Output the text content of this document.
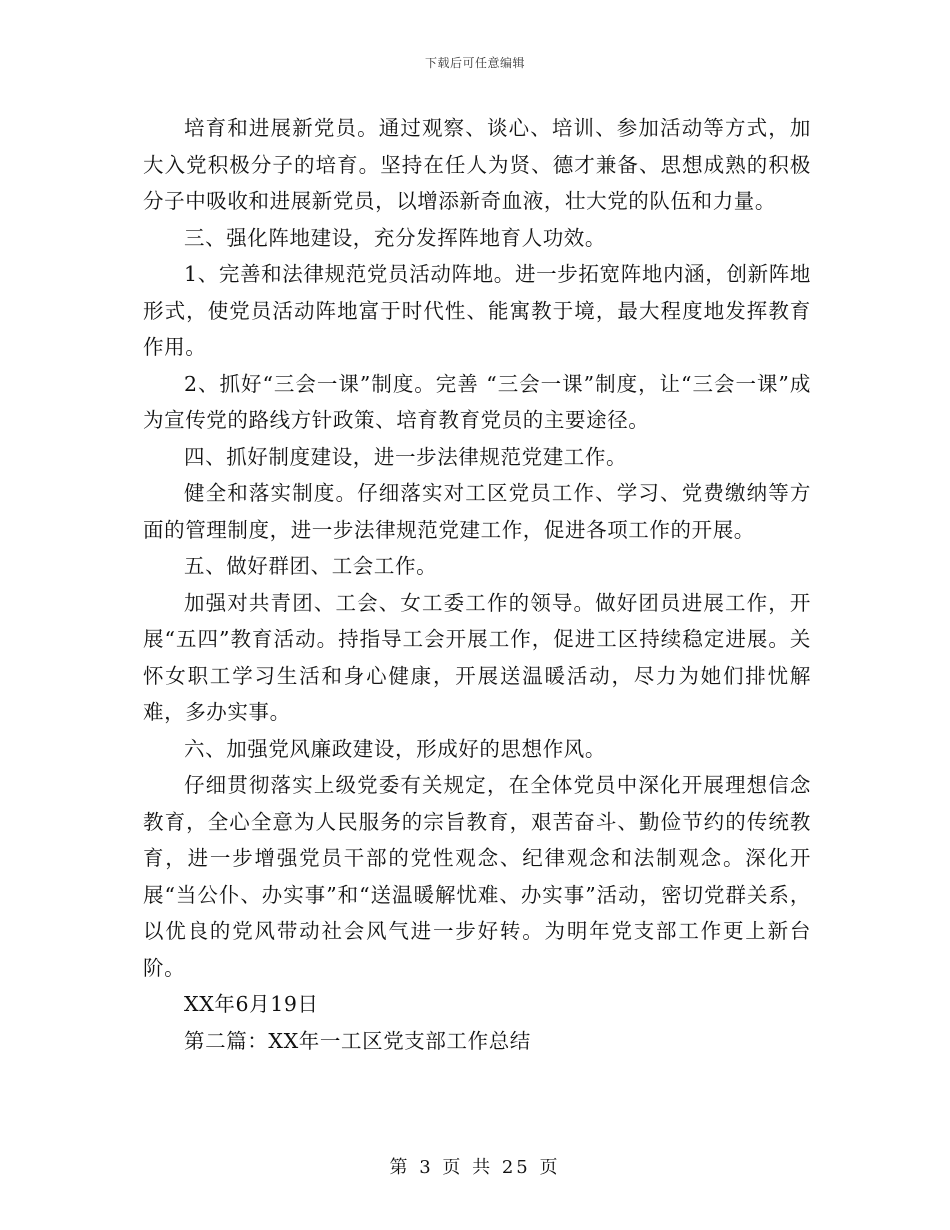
下载后可任意编辑

培育和进展新党员。通过观察、谈心、培训、参加活动等方式，加大入党积极分子的培育。坚持在任人为贤、德才兼备、思想成熟的积极分子中吸收和进展新党员，以增添新奇血液，壮大党的队伍和力量。

三、强化阵地建设，充分发挥阵地育人功效。

1、完善和法律规范党员活动阵地。进一步拓宽阵地内涵，创新阵地形式，使党员活动阵地富于时代性、能寓教于境，最大程度地发挥教育作用。

2、抓好“三会一课”制度。完善 “三会一课”制度，让“三会一课”成为宣传党的路线方针政策、培育教育党员的主要途径。

四、抓好制度建设，进一步法律规范党建工作。

健全和落实制度。仔细落实对工区党员工作、学习、党费缴纳等方面的管理制度，进一步法律规范党建工作，促进各项工作的开展。

五、做好群团、工会工作。

加强对共青团、工会、女工委工作的领导。做好团员进展工作，开展“五四”教育活动。持指导工会开展工作，促进工区持续稳定进展。关怀女职工学习生活和身心健康，开展送温暖活动，尽力为她们排忧解难，多办实事。

六、加强党风廉政建设，形成好的思想作风。

仔细贯彻落实上级党委有关规定，在全体党员中深化开展理想信念教育，全心全意为人民服务的宗旨教育，艰苦奋斗、勤俭节约的传统教育，进一步增强党员干部的党性观念、纪律观念和法制观念。深化开展“当公仆、办实事”和“送温暖解忧难、办实事”活动，密切党群关系，以优良的党风带动社会风气进一步好转。为明年党支部工作更上新台阶。

XX年6月19日

第二篇：XX年一工区党支部工作总结

第 3 页 共 25 页
